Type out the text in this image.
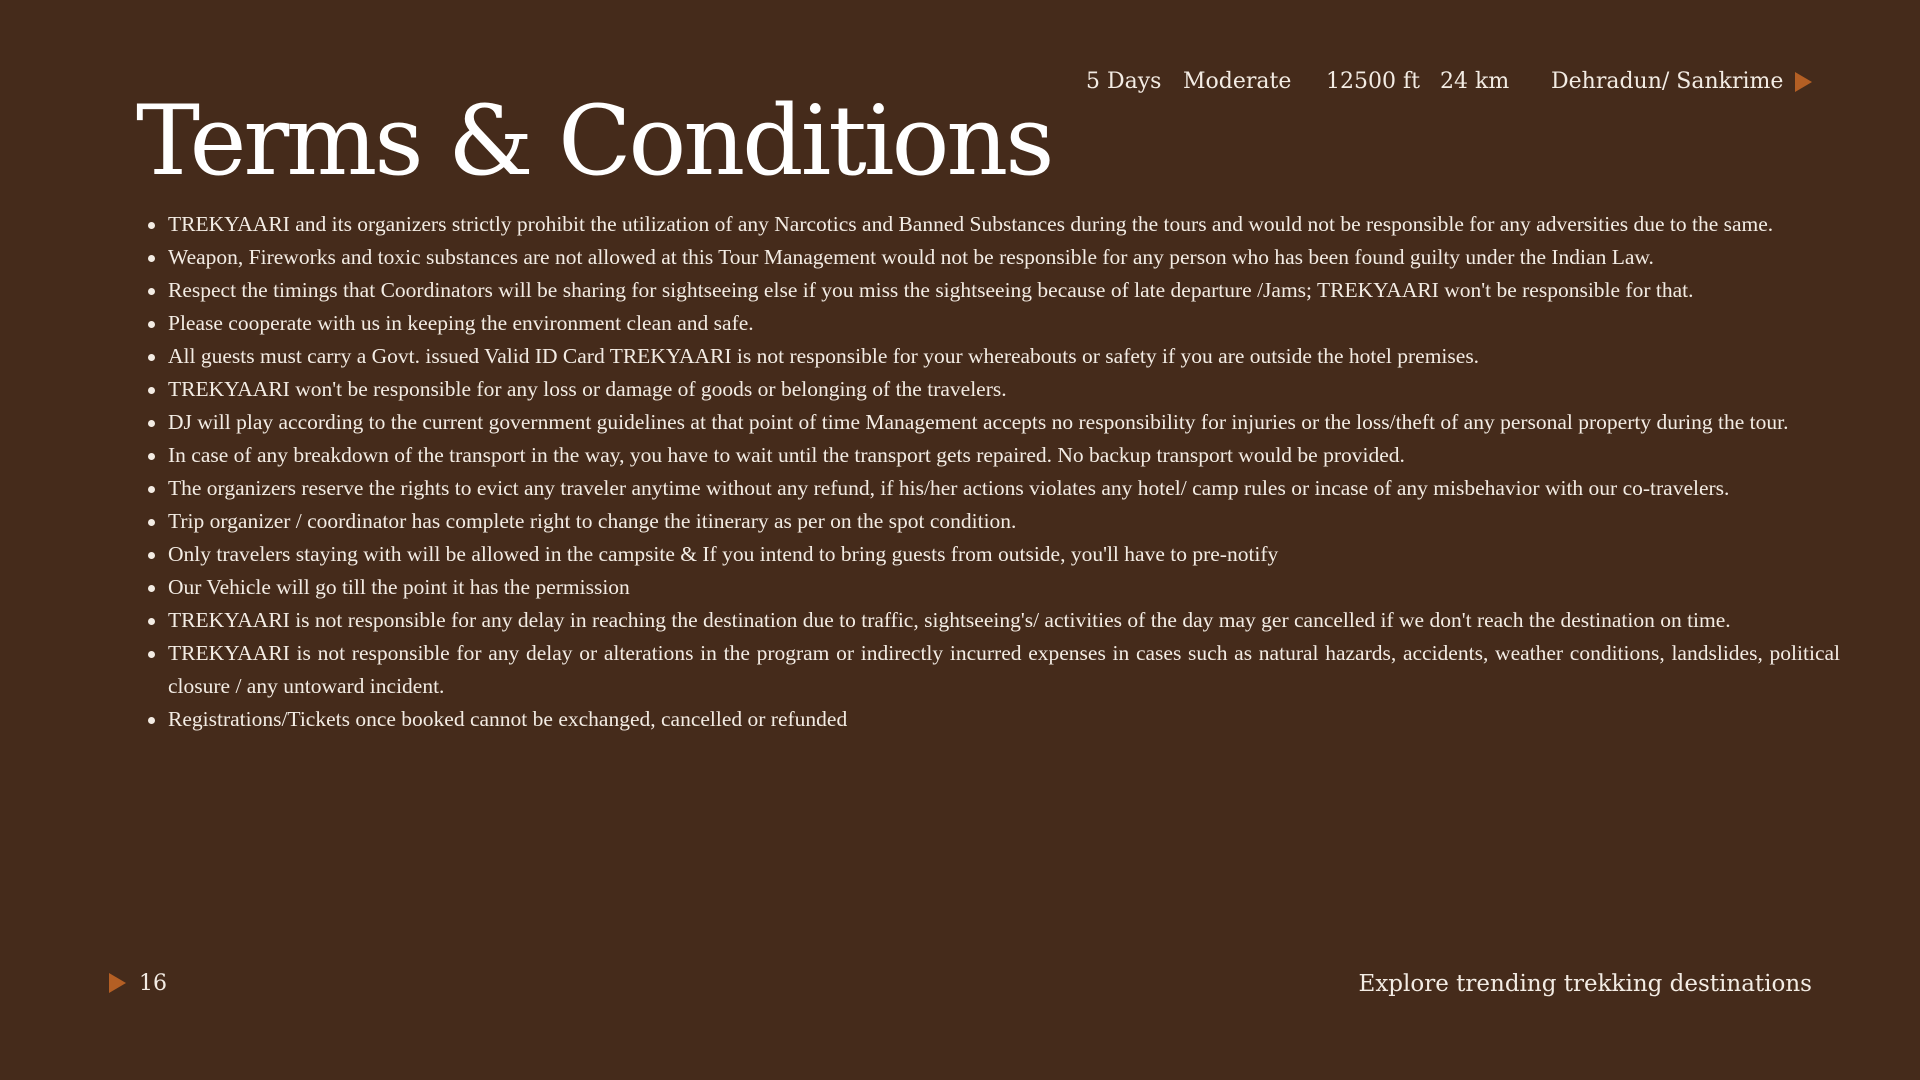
5 Days Moderate 12500 ft 24 km Dehradun/ Sankrime
Terms & Conditions
TREKYAARI and its organizers strictly prohibit the utilization of any Narcotics and Banned Substances during the tours and would not be responsible for any adversities due to the same.
Weapon, Fireworks and toxic substances are not allowed at this Tour Management would not be responsible for any person who has been found guilty under the Indian Law.
Respect the timings that Coordinators will be sharing for sightseeing else if you miss the sightseeing because of late departure /Jams; TREKYAARI won't be responsible for that.
Please cooperate with us in keeping the environment clean and safe.
All guests must carry a Govt. issued Valid ID Card TREKYAARI is not responsible for your whereabouts or safety if you are outside the hotel premises.
TREKYAARI won't be responsible for any loss or damage of goods or belonging of the travelers.
DJ will play according to the current government guidelines at that point of time Management accepts no responsibility for injuries or the loss/theft of any personal property during the tour.
In case of any breakdown of the transport in the way, you have to wait until the transport gets repaired. No backup transport would be provided.
The organizers reserve the rights to evict any traveler anytime without any refund, if his/her actions violates any hotel/ camp rules or incase of any misbehavior with our co-travelers.
Trip organizer / coordinator has complete right to change the itinerary as per on the spot condition.
Only travelers staying with will be allowed in the campsite & If you intend to bring guests from outside, you'll have to pre-notify
Our Vehicle will go till the point it has the permission
TREKYAARI is not responsible for any delay in reaching the destination due to traffic, sightseeing's/ activities of the day may ger cancelled if we don't reach the destination on time.
TREKYAARI is not responsible for any delay or alterations in the program or indirectly incurred expenses in cases such as natural hazards, accidents, weather conditions, landslides, political closure / any untoward incident.
Registrations/Tickets once booked cannot be exchanged, cancelled or refunded
16	Explore trending trekking destinations
